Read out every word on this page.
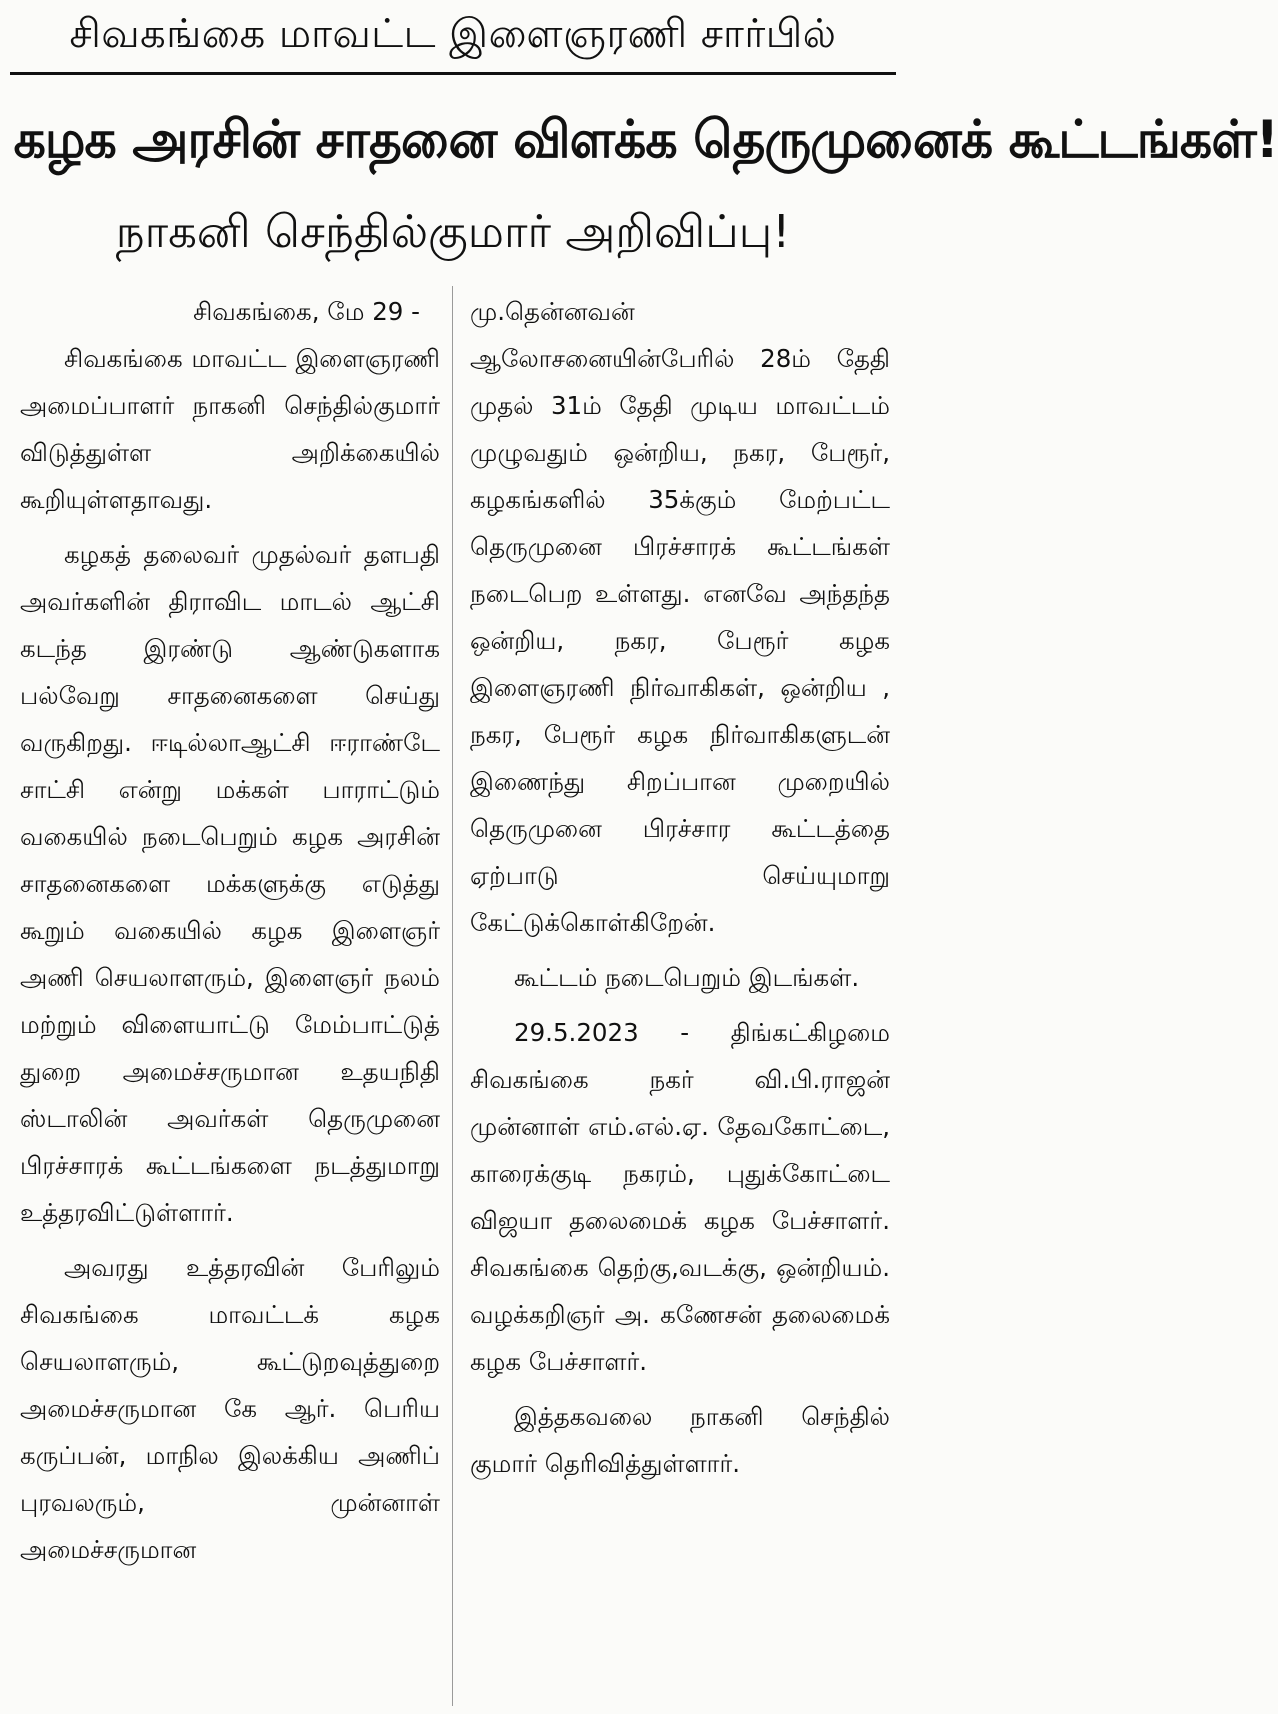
சிவகங்கை மாவட்ட இளைஞரணி சார்பில்
கழக அரசின் சாதனை விளக்க தெருமுனைக் கூட்டங்கள்!
நாகனி செந்தில்குமார் அறிவிப்பு!

சிவகங்கை, மே 29 -

சிவகங்கை மாவட்ட இளைஞரணி அமைப்பாளர் நாகனி செந்தில்குமார் விடுத்துள்ள அறிக்கையில் கூறியுள்ளதாவது.

கழகத் தலைவர் முதல்வர் தளபதி அவர்களின் திராவிட மாடல் ஆட்சி கடந்த இரண்டு ஆண்டுகளாக பல்வேறு சாதனைகளை செய்து வருகிறது. ஈடில்லாஆட்சி ஈராண்டே சாட்சி என்று மக்கள் பாராட்டும் வகையில் நடைபெறும் கழக அரசின் சாதனைகளை மக்களுக்கு எடுத்து கூறும் வகையில் கழக இளைஞர் அணி செயலாளரும், இளைஞர் நலம் மற்றும் விளையாட்டு மேம்பாட்டுத் துறை அமைச்சருமான உதயநிதி ஸ்டாலின் அவர்கள் தெருமுனை பிரச்சாரக் கூட்டங்களை நடத்துமாறு உத்தரவிட்டுள்ளார்.

அவரது உத்தரவின் பேரிலும் சிவகங்கை மாவட்டக் கழக செயலாளரும், கூட்டுறவுத்துறை அமைச்சருமான கே ஆர். பெரிய கருப்பன், மாநில இலக்கிய அணிப் புரவலரும், முன்னாள் அமைச்சருமான

மு.தென்னவன் ஆலோசனையின்பேரில் 28ம் தேதி முதல் 31ம் தேதி முடிய மாவட்டம் முழுவதும் ஒன்றிய, நகர, பேரூர், கழகங்களில் 35க்கும் மேற்பட்ட தெருமுனை பிரச்சாரக் கூட்டங்கள் நடைபெற உள்ளது. எனவே அந்தந்த ஒன்றிய, நகர, பேரூர் கழக இளைஞரணி நிர்வாகிகள், ஒன்றிய , நகர, பேரூர் கழக நிர்வாகிகளுடன் இணைந்து சிறப்பான முறையில் தெருமுனை பிரச்சார கூட்டத்தை ஏற்பாடு செய்யுமாறு கேட்டுக்கொள்கிறேன்.

கூட்டம் நடைபெறும் இடங்கள்.

29.5.2023 - திங்கட்கிழமை சிவகங்கை நகர் வி.பி.ராஜன் முன்னாள் எம்.எல்.ஏ. தேவகோட்டை, காரைக்குடி நகரம், புதுக்கோட்டை விஜயா தலைமைக் கழக பேச்சாளர். சிவகங்கை தெற்கு,வடக்கு, ஒன்றியம். வழக்கறிஞர் அ. கணேசன் தலைமைக் கழக பேச்சாளர்.

இத்தகவலை நாகனி செந்தில் குமார் தெரிவித்துள்ளார்.
